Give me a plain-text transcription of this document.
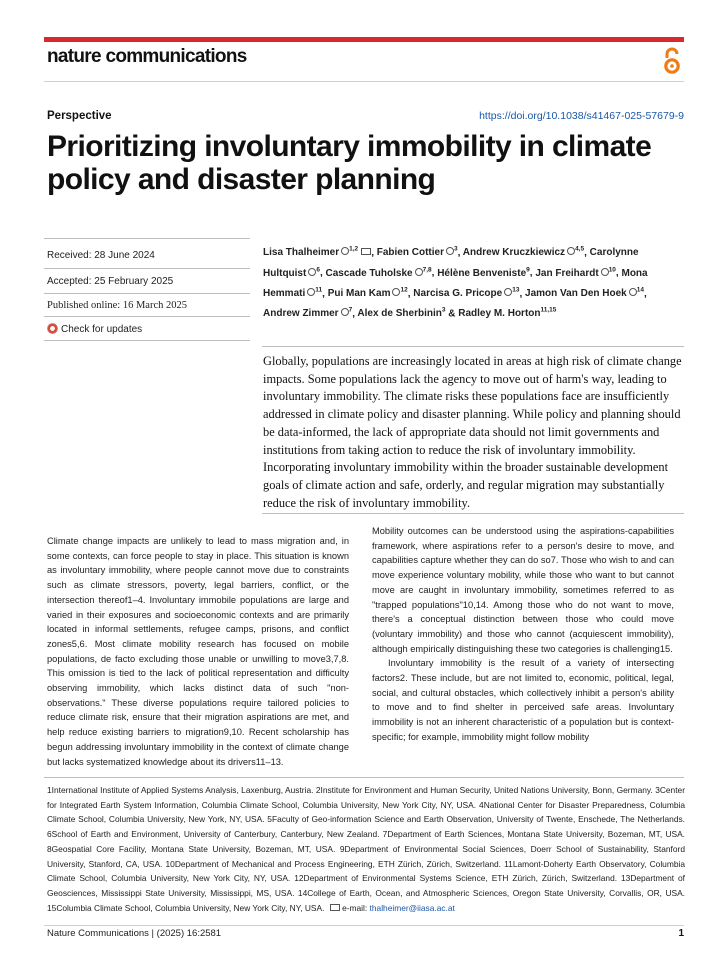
nature communications
Perspective	https://doi.org/10.1038/s41467-025-57679-9
Prioritizing involuntary immobility in climate policy and disaster planning
Received: 28 June 2024
Accepted: 25 February 2025
Published online: 16 March 2025
Check for updates
Lisa Thalheimer $^{1,2}$ , Fabien Cottier $^3$, Andrew Kruczkiewicz $^{4,5}$, Carolynne Hultquist $^6$, Cascade Tuholske $^{7,8}$, Hélène Benveniste$^9$, Jan Freihardt $^{10}$, Mona Hemmati $^{11}$, Pui Man Kam $^{12}$, Narcisa G. Pricope $^{13}$, Jamon Van Den Hoek $^{14}$, Andrew Zimmer $^7$, Alex de Sherbinin$^3$ & Radley M. Horton$^{11,15}$
Globally, populations are increasingly located in areas at high risk of climate change impacts. Some populations lack the agency to move out of harm's way, leading to involuntary immobility. The climate risks these populations face are insufficiently addressed in climate policy and disaster planning. While policy and planning should be data-informed, the lack of appropriate data should not limit governments and institutions from taking action to reduce the risk of involuntary immobility. Incorporating involuntary immobility within the broader sustainable development goals of climate action and safe, orderly, and regular migration may substantially reduce the risk of involuntary immobility.

Climate change impacts are unlikely to lead to mass migration and, in some contexts, can force people to stay in place. This situation is known as involuntary immobility, where people cannot move due to constraints such as climate stressors, poverty, legal barriers, conflict, or the intersection thereof1–4. Involuntary immobile populations are large and varied in their exposures and socioeconomic contexts and are primarily located in informal settlements, refugee camps, prisons, and conflict zones5,6. Most climate mobility research has focused on mobile populations, de facto excluding those unable or unwilling to move3,7,8. This omission is tied to the lack of political representation and difficulty observing immobility, which lacks distinct data of such "non-observations." These diverse populations require tailored policies to reduce climate risk, ensure that their migration aspirations are met, and help reduce existing barriers to migration9,10. Recent scholarship has begun addressing involuntary immobility in the context of climate change but lacks systematized knowledge about its drivers11–13.

Mobility outcomes can be understood using the aspirations-capabilities framework, where aspirations refer to a person's desire to move, and capabilities capture whether they can do so7. Those who wish to and can move experience voluntary mobility, while those who want to but cannot move are caught in involuntary immobility, sometimes referred to as "trapped populations"10,14. Among those who do not want to move, there's a conceptual distinction between those who could move (voluntary immobility) and those who cannot (acquiescent immobility), although empirically distinguishing these two categories is challenging15.

Involuntary immobility is the result of a variety of intersecting factors2. These include, but are not limited to, economic, political, legal, social, and cultural obstacles, which collectively inhibit a person's ability to move and to find shelter in perceived safe areas. Involuntary immobility is not an inherent characteristic of a population but is context-specific; for example, immobility might follow mobility

1International Institute of Applied Systems Analysis, Laxenburg, Austria. 2Institute for Environment and Human Security, United Nations University, Bonn, Germany. 3Center for Integrated Earth System Information, Columbia Climate School, Columbia University, New York City, NY, USA. 4National Center for Disaster Preparedness, Columbia Climate School, Columbia University, New York, NY, USA. 5Faculty of Geo-information Science and Earth Observation, University of Twente, Enschede, The Netherlands. 6School of Earth and Environment, University of Canterbury, Canterbury, New Zealand. 7Department of Earth Sciences, Montana State University, Bozeman, MT, USA. 8Geospatial Core Facility, Montana State University, Bozeman, MT, USA. 9Department of Environmental Social Sciences, Doerr School of Sustainability, Stanford University, Stanford, CA, USA. 10Department of Mechanical and Process Engineering, ETH Zürich, Zürich, Switzerland. 11Lamont-Doherty Earth Observatory, Columbia Climate School, Columbia University, New York City, NY, USA. 12Department of Environmental Systems Science, ETH Zürich, Zürich, Switzerland. 13Department of Geosciences, Mississippi State University, Mississippi, MS, USA. 14College of Earth, Ocean, and Atmospheric Sciences, Oregon State University, Corvallis, OR, USA. 15Columbia Climate School, Columbia University, New York City, NY, USA. e-mail: thalheimer@iiasa.ac.at
Nature Communications | (2025) 16:2581	1
